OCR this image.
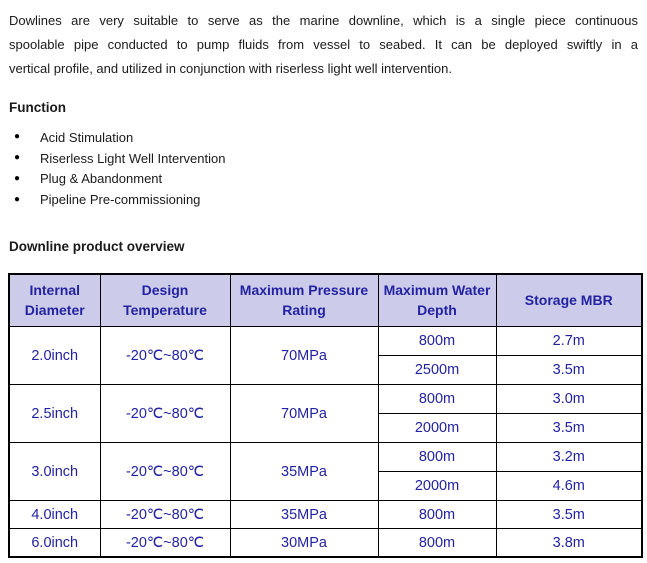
Dowlines are very suitable to serve as the marine downline, which is a single piece continuous
spoolable pipe conducted to pump fluids from vessel to seabed. It can be deployed swiftly in a
vertical profile, and utilized in conjunction with riserless light well intervention.
Function
●	Acid Stimulation
●	Riserless Light Well Intervention
●	Plug & Abandonment
●	Pipeline Pre-commissioning
Downline product overview
Internal Diameter	Design Temperature	Maximum Pressure Rating	Maximum Water Depth	Storage MBR
2.0inch	-20℃~80℃	70MPa	800m	2.7m
			2500m	3.5m
2.5inch	-20℃~80℃	70MPa	800m	3.0m
			2000m	3.5m
3.0inch	-20℃~80℃	35MPa	800m	3.2m
			2000m	4.6m
4.0inch	-20℃~80℃	35MPa	800m	3.5m
6.0inch	-20℃~80℃	30MPa	800m	3.8m
